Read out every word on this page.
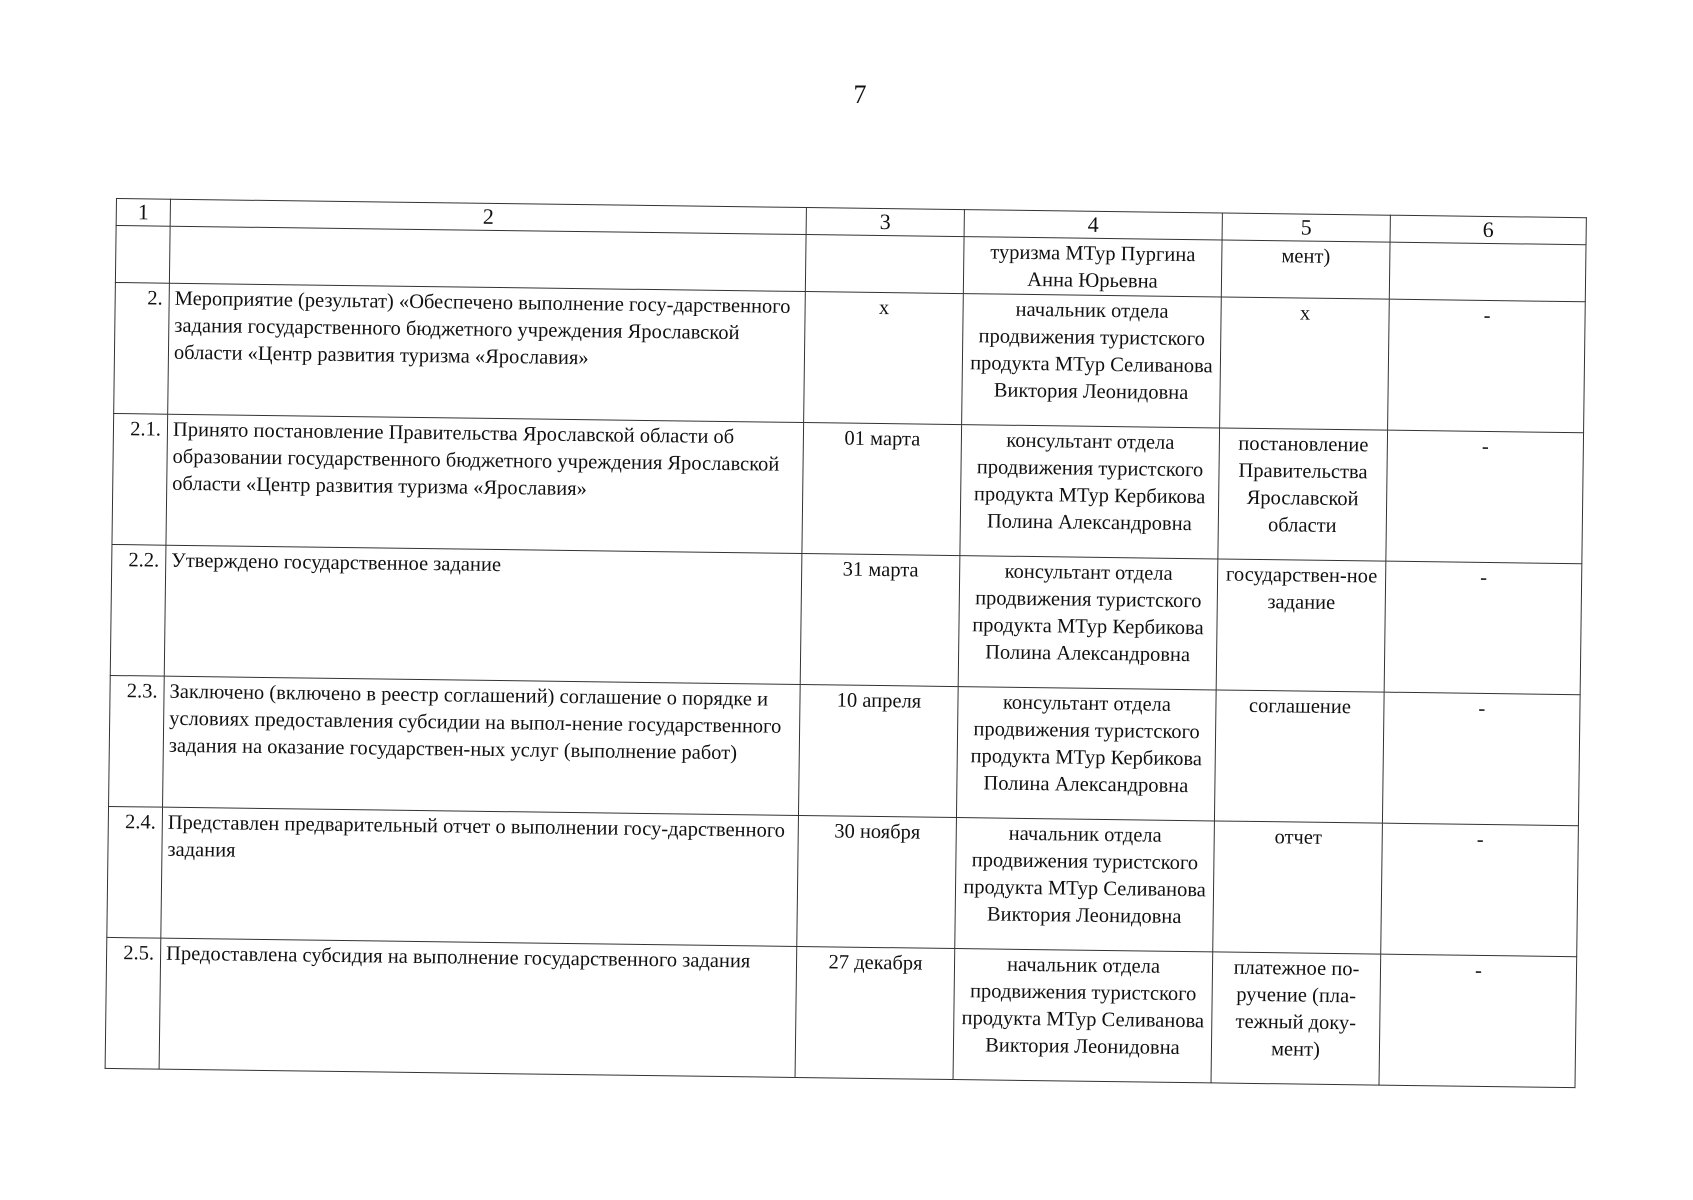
7
1	2	3	4	5	6
			туризма МТур Пургина Анна Юрьевна	мент)	
2.	Мероприятие (результат) «Обеспечено выполнение госу-дарственного задания государственного бюджетного учреждения Ярославской области «Центр развития туризма «Ярославия»	х	начальник отдела продвижения туристского продукта МТур Селиванова Виктория Леонидовна	х	-
2.1.	Принято постановление Правительства Ярославской области об образовании государственного бюджетного учреждения Ярославской области «Центр развития туризма «Ярославия»	01 марта	консультант отдела продвижения туристского продукта МТур Кербикова Полина Александровна	постановление Правительства Ярославской области	-
2.2.	Утверждено государственное задание	31 марта	консультант отдела продвижения туристского продукта МТур Кербикова Полина Александровна	государствен-ное задание	-
2.3.	Заключено (включено в реестр соглашений) соглашение о порядке и условиях предоставления субсидии на выпол-нение государственного задания на оказание государствен-ных услуг (выполнение работ)	10 апреля	консультант отдела продвижения туристского продукта МТур Кербикова Полина Александровна	соглашение	-
2.4.	Представлен предварительный отчет о выполнении госу-дарственного задания	30 ноября	начальник отдела продвижения туристского продукта МТур Селиванова Виктория Леонидовна	отчет	-
2.5.	Предоставлена субсидия на выполнение государственного задания	27 декабря	начальник отдела продвижения туристского продукта МТур Селиванова Виктория Леонидовна	платежное по-ручение (пла-тежный доку-мент)	-
